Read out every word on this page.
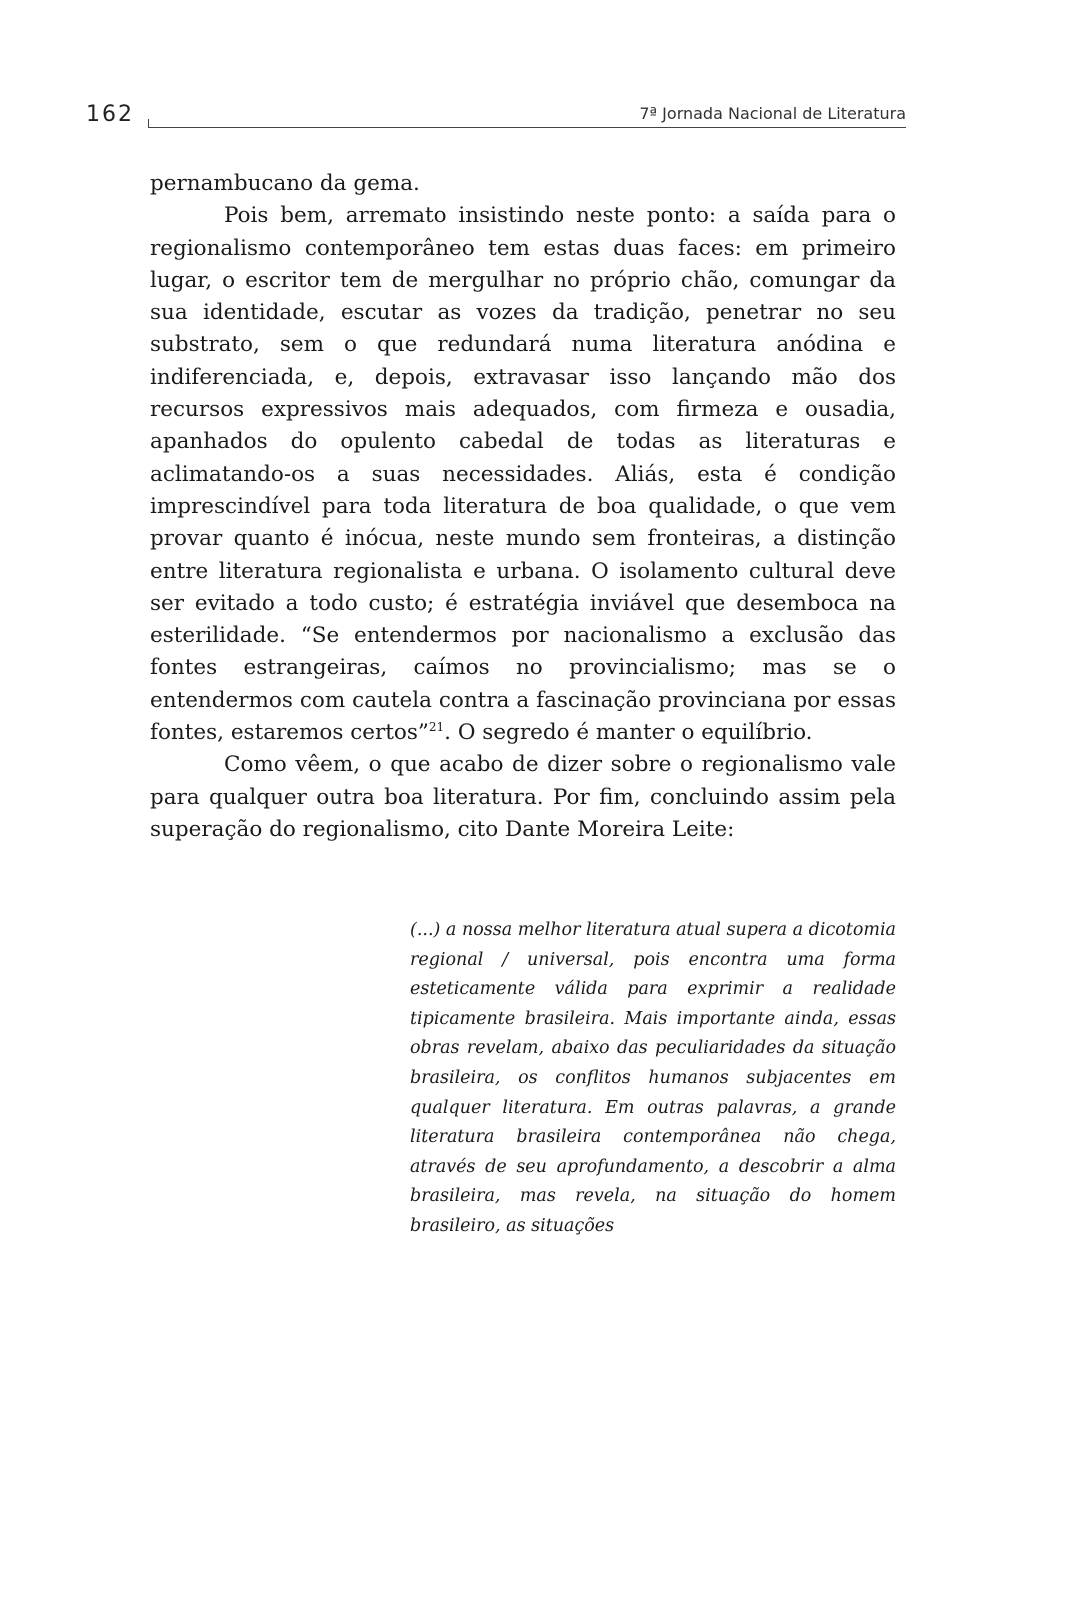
162	7ª Jornada Nacional de Literatura

pernambucano da gema.

Pois bem, arremato insistindo neste ponto: a saída para o regionalismo contemporâneo tem estas duas faces: em primeiro lugar, o escritor tem de mergulhar no próprio chão, comungar da sua identidade, escutar as vozes da tradição, penetrar no seu substrato, sem o que redundará numa literatura anódina e indiferenciada, e, depois, extravasar isso lançando mão dos recursos expressivos mais adequados, com firmeza e ousadia, apanhados do opulento cabedal de todas as literaturas e aclimatando-os a suas necessidades. Aliás, esta é condição imprescindível para toda literatura de boa qualidade, o que vem provar quanto é inócua, neste mundo sem fronteiras, a distinção entre literatura regionalista e urbana. O isolamento cultural deve ser evitado a todo custo; é estratégia inviável que desemboca na esterilidade. “Se entendermos por nacionalismo a exclusão das fontes estrangeiras, caímos no provincialismo; mas se o entendermos com cautela contra a fascinação provinciana por essas fontes, estaremos certos”$^{21}$. O segredo é manter o equilíbrio.

Como vêem, o que acabo de dizer sobre o regionalismo vale para qualquer outra boa literatura. Por fim, concluindo assim pela superação do regionalismo, cito Dante Moreira Leite:

(...) a nossa melhor literatura atual supera a dicotomia regional / universal, pois encontra uma forma esteticamente válida para exprimir a realidade tipicamente brasileira. Mais importante ainda, essas obras revelam, abaixo das peculiaridades da situação brasileira, os conflitos humanos subjacentes em qualquer literatura. Em outras palavras, a grande literatura brasileira contemporânea não chega, através de seu aprofundamento, a descobrir a alma brasileira, mas revela, na situação do homem brasileiro, as situações
